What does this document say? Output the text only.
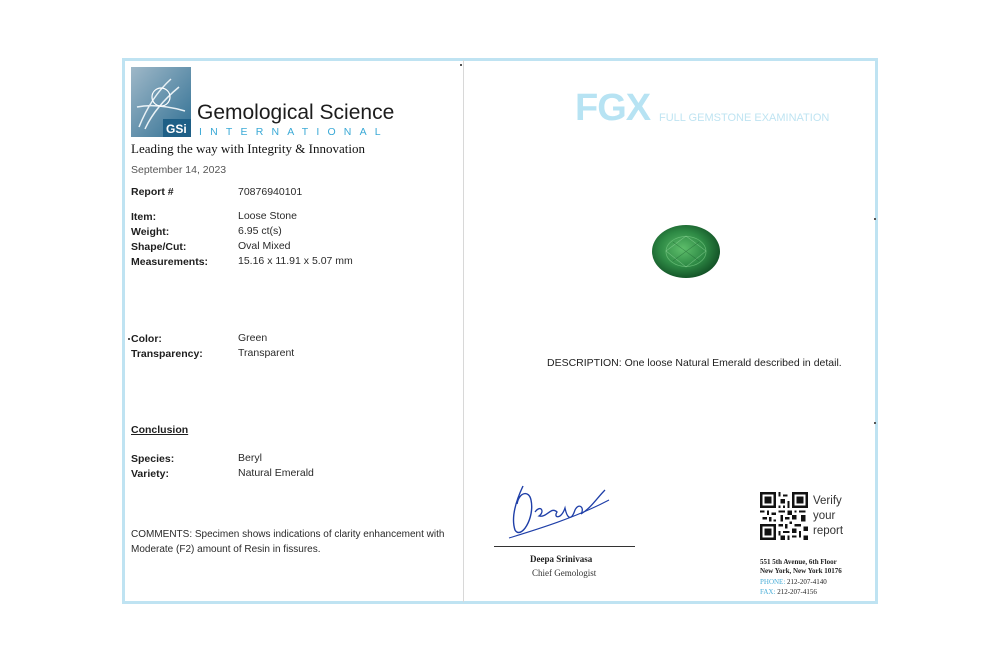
GSi
Gemological Science
INTERNATIONAL
Leading the way with Integrity & Innovation
September 14, 2023
Report #	70876940101
Item:	Loose Stone
Weight:	6.95 ct(s)
Shape/Cut:	Oval Mixed
Measurements:	15.16 x 11.91 x 5.07 mm
Color:	Green
Transparency:	Transparent
Conclusion
Species:	Beryl
Variety:	Natural Emerald
COMMENTS: Specimen shows indications of clarity enhancement with
Moderate (F2) amount of Resin in fissures.
FGX FULL GEMSTONE EXAMINATION
DESCRIPTION: One loose Natural Emerald described in detail.
Deepa Srinivasa
Chief Gemologist
Verify your report
551 5th Avenue, 6th Floor
New York, New York 10176
PHONE: 212-207-4140
FAX: 212-207-4156
